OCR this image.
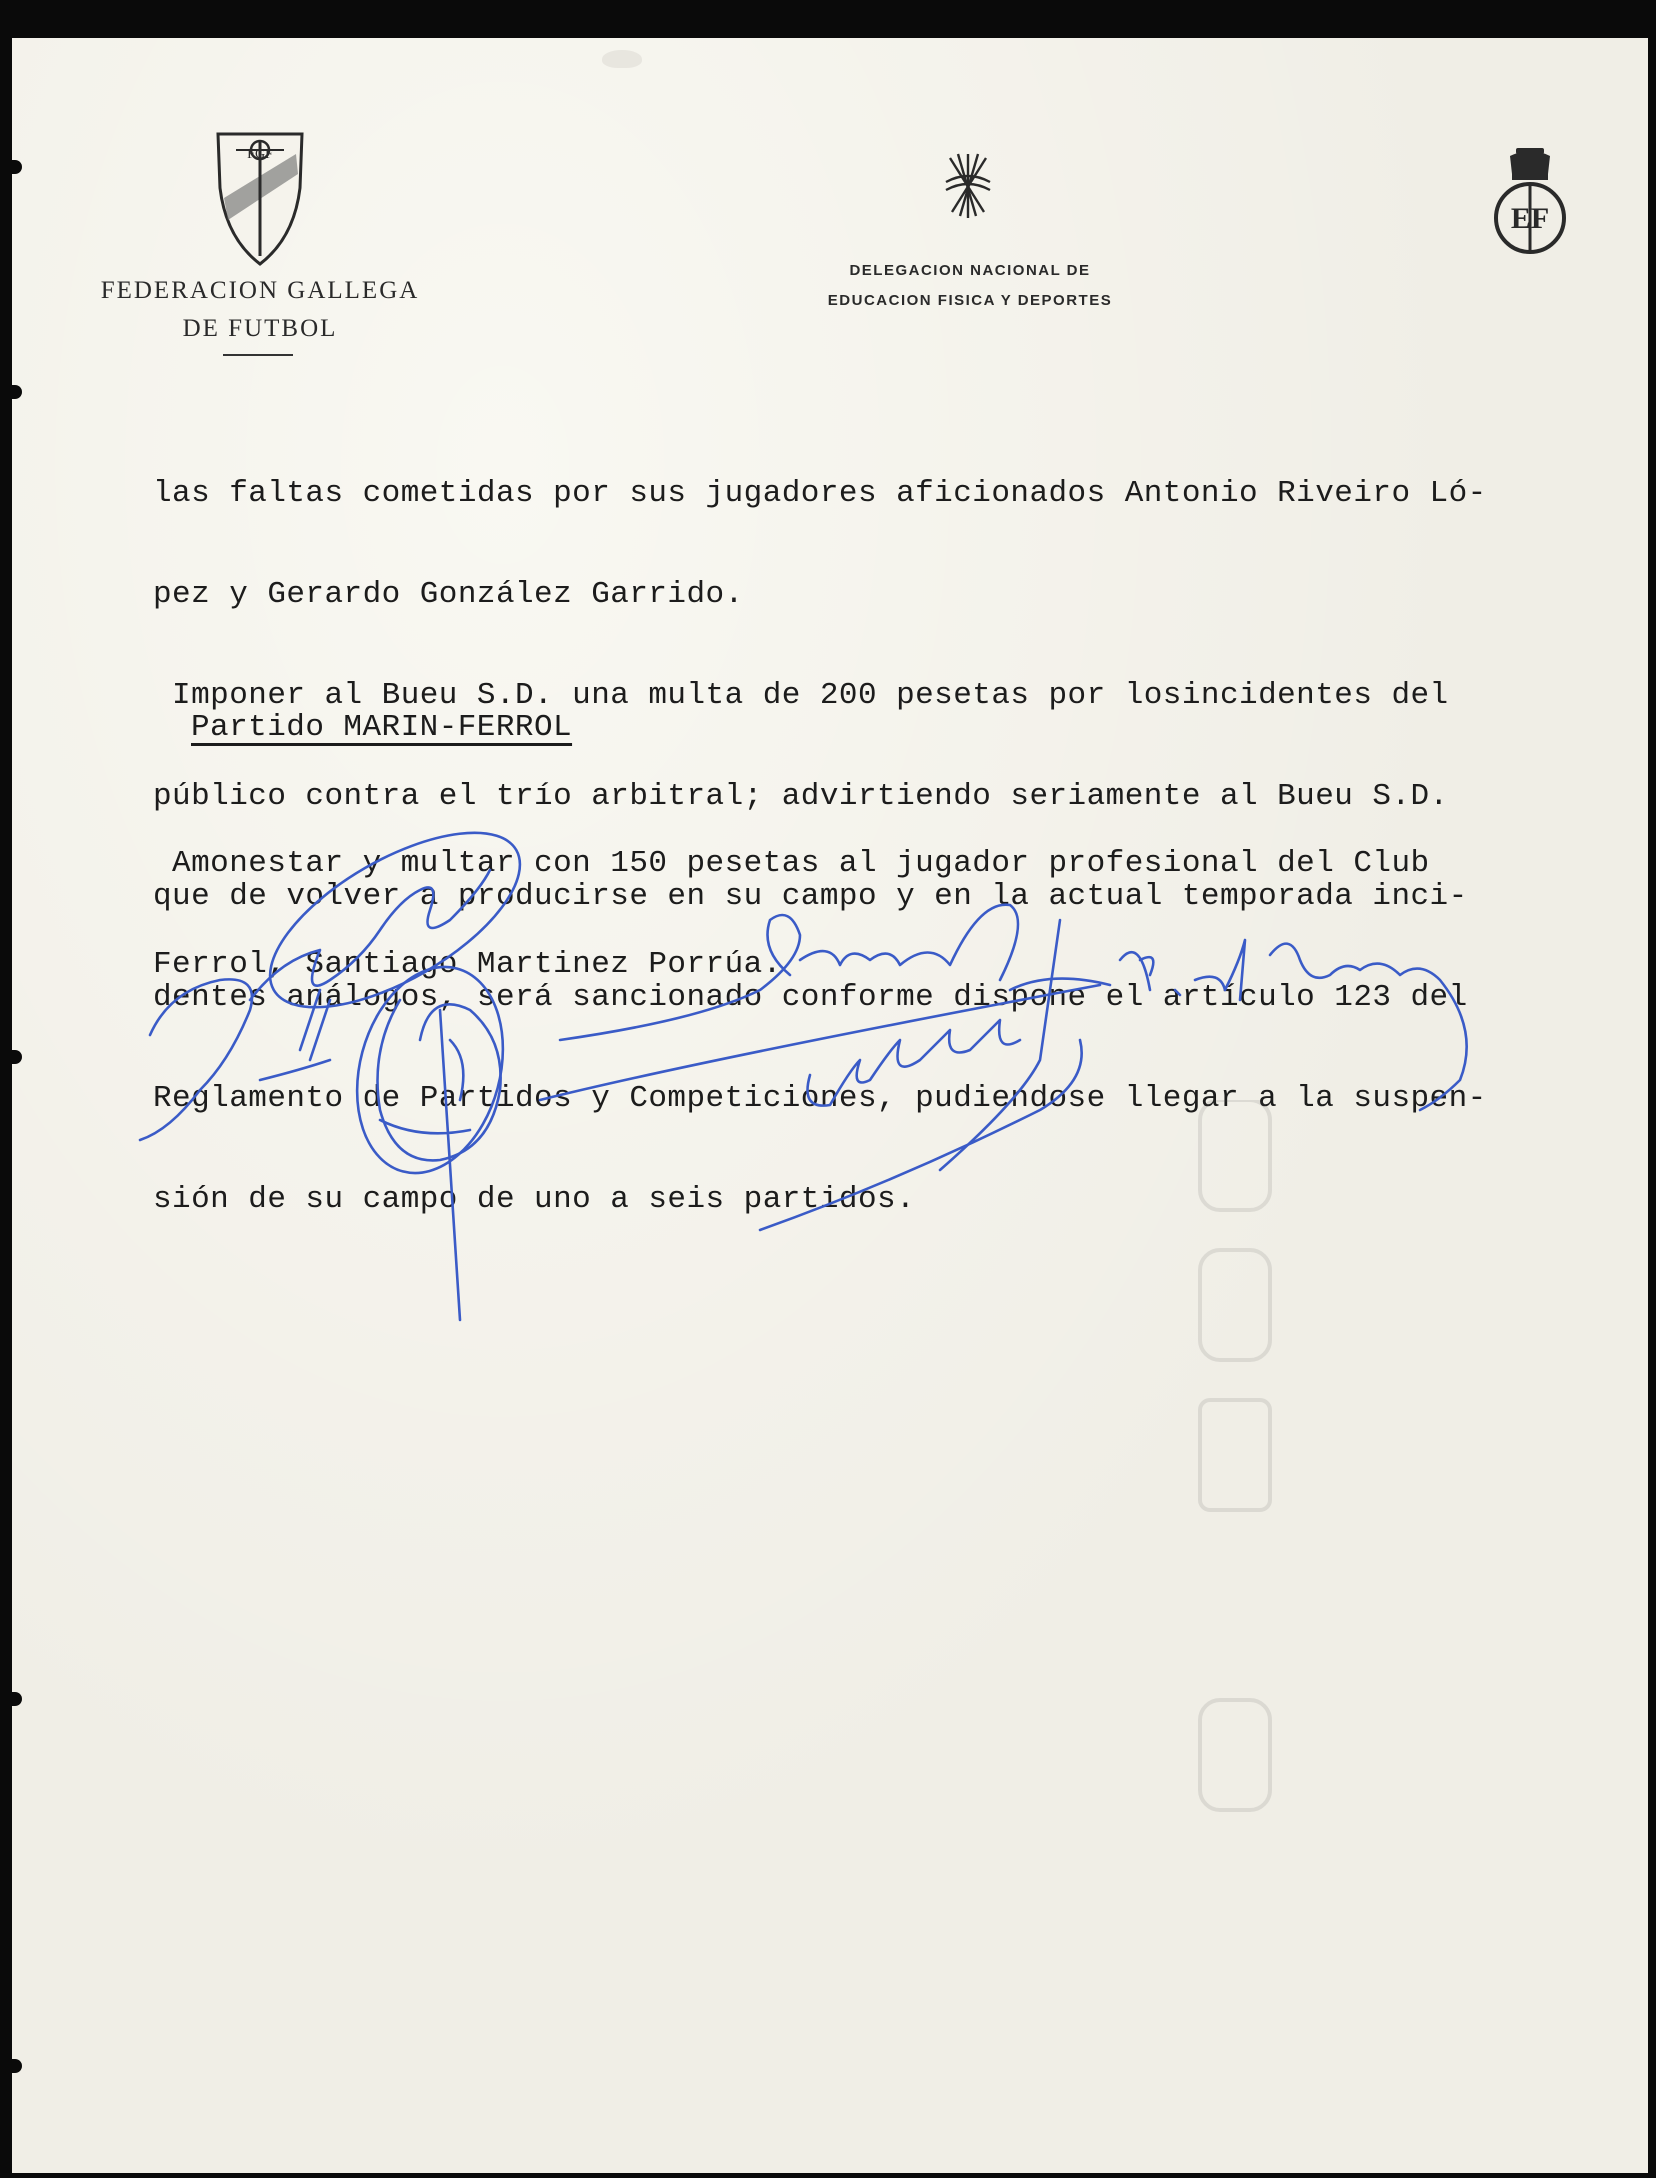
FGF
FEDERACION GALLEGA
DE FUTBOL
DELEGACION NACIONAL DE
EDUCACION FISICA Y DEPORTES
EF

las faltas cometidas por sus jugadores aficionados Antonio Riveiro Ló-

pez y Gerardo González Garrido.

Imponer al Bueu S.D. una multa de 200 pesetas por losincidentes del

público contra el trío arbitral; advirtiendo seriamente al Bueu S.D.

que de volver a producirse en su campo y en la actual temporada inci-

dentes análogos, será sancionado conforme dispone el artículo 123 del

Reglamento de Partidos y Competiciones, pudiendose llegar a la suspen-

sión de su campo de uno a seis partidos.

Partido MARIN-FERROL

Amonestar y multar con 150 pesetas al jugador profesional del Club

Ferrol, Santiago Martinez Porrúa.
